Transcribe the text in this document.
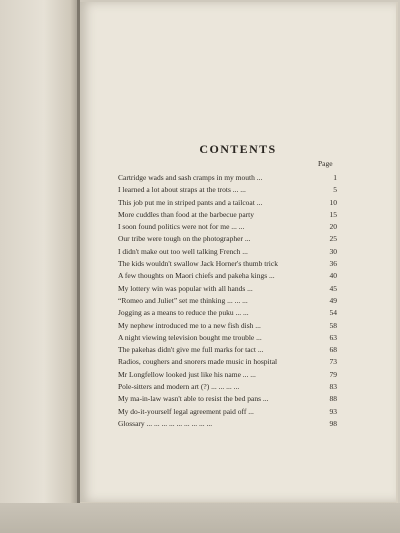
CONTENTS
Page
Cartridge wads and sash cramps in my mouth ...	1
I learned a lot about straps at the trots ... ...	5
This job put me in striped pants and a tailcoat ...	10
More cuddles than food at the barbecue party	15
I soon found politics were not for me ... ...	20
Our tribe were tough on the photographer ...	25
I didn't make out too well talking French ...	30
The kids wouldn't swallow Jack Horner's thumb trick	36
A few thoughts on Maori chiefs and pakeha kings ...	40
My lottery win was popular with all hands ...	45
“Romeo and Juliet” set me thinking ... ... ...	49
Jogging as a means to reduce the puku ... ...	54
My nephew introduced me to a new fish dish ...	58
A night viewing television bought me trouble ...	63
The pakehas didn't give me full marks for tact ...	68
Radios, coughers and snorers made music in hospital	73
Mr Longfellow looked just like his name ... ...	79
Pole-sitters and modern art (?) ... ... ... ...	83
My ma-in-law wasn't able to resist the bed pans ...	88
My do-it-yourself legal agreement paid off ...	93
Glossary ... ... ... ... ... ... ... ... ...	98
